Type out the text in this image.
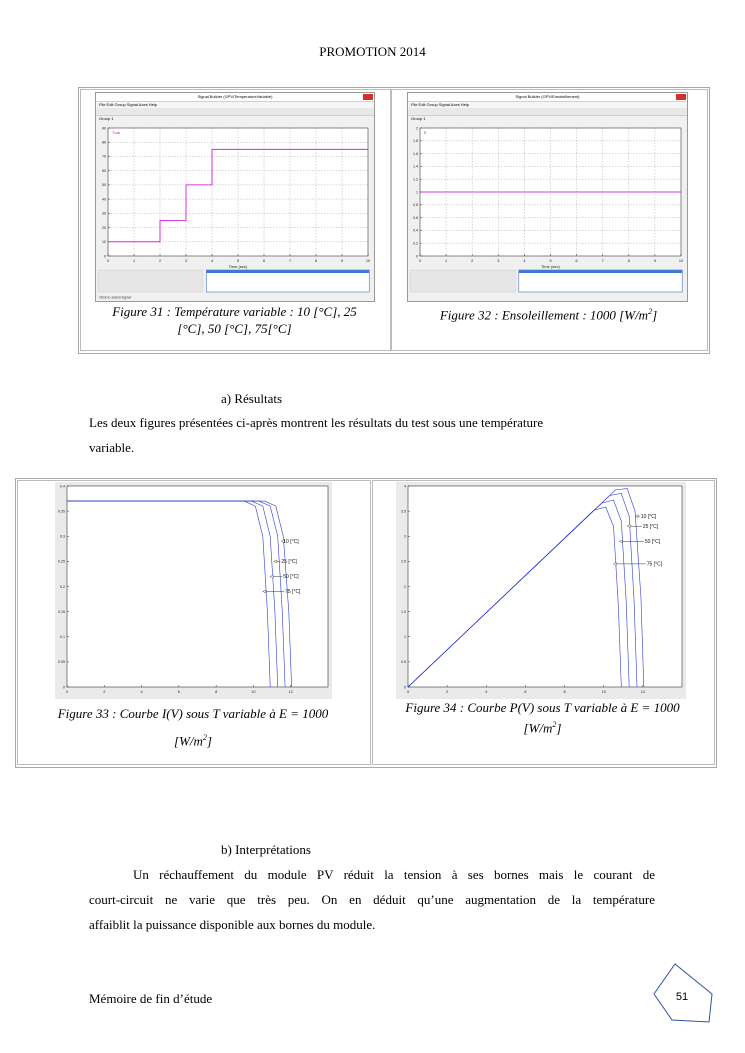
PROMOTION 2014
Signal Builder (GPV/TemperatureVariable)
File Edit Group Signal Axes Help
Group 1
0	1	2	3	4	5	6	7	8	9	10
0
10
20
30
40
50
60
70
80
90
Tvar
Time (sec)
Click to select signal
Signal Builder (GPV/Ensoleillement)
File Edit Group Signal Axes Help
Group 1
0	1	2	3	4	5	6	7	8	9	10
0
0.2
0.4
0.6
0.8
1
1.2
1.4
1.6
1.8
2
E
Time (sec)
Figure 31 : Température variable : 10 [°C], 25
[°C], 50 [°C], 75[°C]
Figure 32 : Ensoleillement : 1000 $[W/m^2]$
a) Résultats
Les deux figures présentées ci-après montrent les résultats du test sous une température
variable.
0	2	4	6	8	10	12
0
0.05
0.1
0.15
0.2
0.25
0.3
0.35
0.4
10 [°C]
25 [°C]
50 [°C]
75 [°C]
0	2	4	6	8	10	12
0
0.5
1
1.5
2
2.5
3
3.5
4
10 [°C]
25 [°C]
50 [°C]
75 [°C]
Figure 33 : Courbe I(V) sous T variable à E = 1000
$[W/m^2]$
Figure 34 : Courbe P(V) sous T variable à E = 1000
$[W/m^2]$
b) Interprétations
Un réchauffement du module PV réduit la tension à ses bornes mais le courant de
court-circuit ne varie que très peu. On en déduit qu’une augmentation de la température
affaiblit la puissance disponible aux bornes du module.
Mémoire de fin d’étude	51
